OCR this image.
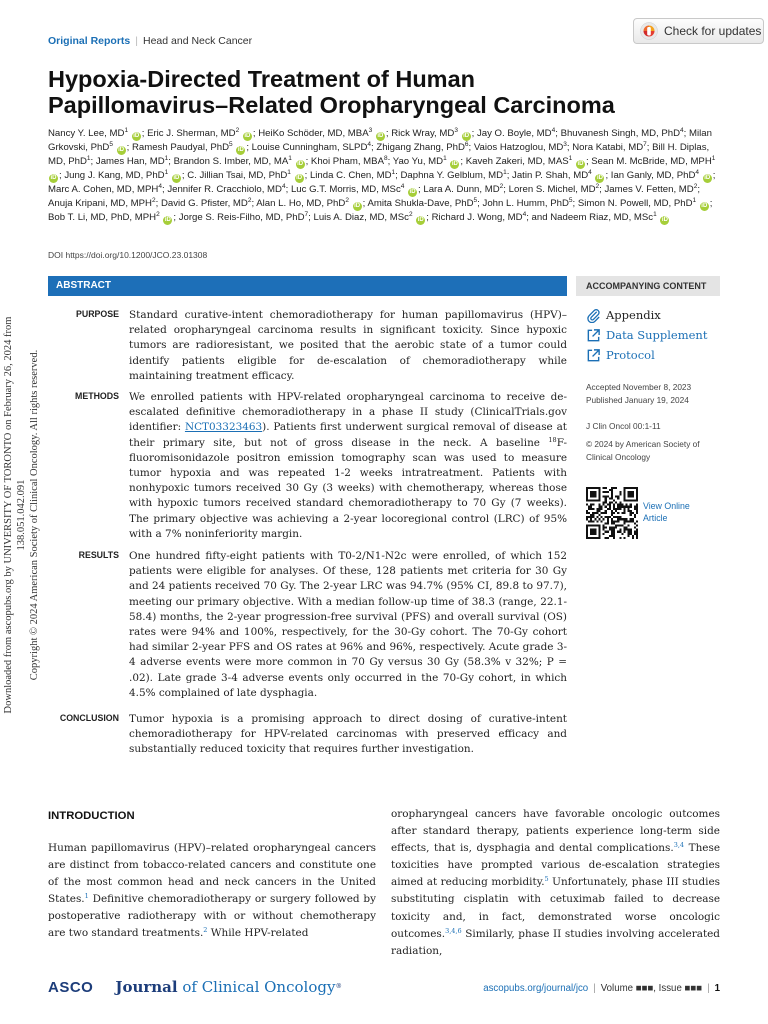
Downloaded from ascopubs.org by UNIVERSITY OF TORONTO on February 26, 2024 from 138.051.042.091 Copyright © 2024 American Society of Clinical Oncology. All rights reserved.
Original Reports | Head and Neck Cancer
Check for updates
Hypoxia-Directed Treatment of Human
Papillomavirus–Related Oropharyngeal Carcinoma
Nancy Y. Lee, $MD^1$ iD ; Eric J. Sherman, $MD^2$ iD ; HeiKo Schöder, MD, MBA$^3$ iD ; Rick Wray, $MD^3$ iD ; Jay O. Boyle, $MD^4$; Bhuvanesh Singh, MD, PhD$^4$; Milan Grkovski, PhD$^5$ iD ; Ramesh Paudyal, PhD$^5$ iD ; Louise Cunningham, SLPD$^4$; Zhigang Zhang, PhD$^6$; Vaios Hatzoglou, $MD^3$; Nora Katabi, $MD^7$; Bill H. Diplas, MD, PhD$^1$; James Han, $MD^1$; Brandon S. Imber, MD, $MA^1$ iD ; Khoi Pham, MBA$^8$; Yao Yu, $MD^1$ iD ; Kaveh Zakeri, MD, MAS$^1$ iD ; Sean M. McBride, MD, MPH$^1$ iD ; Jung J. Kang, MD, PhD$^1$ iD ; C. Jillian Tsai, MD, PhD$^1$ iD ; Linda C. Chen, $MD^1$; Daphna Y. Gelblum, $MD^1$; Jatin P. Shah, $MD^4$ iD ; Ian Ganly, MD, PhD$^4$ iD ; Marc A. Cohen, MD, MPH$^4$; Jennifer R. Cracchiolo, $MD^4$; Luc G.T. Morris, MD, MSc$^4$ iD ; Lara A. Dunn, $MD^2$; Loren S. Michel, $MD^2$; James V. Fetten, $MD^2$; Anuja Kripani, MD, MPH$^2$; David G. Pfister, $MD^2$; Alan L. Ho, MD, PhD$^2$ iD ; Amita Shukla-Dave, PhD$^5$; John L. Humm, PhD$^5$; Simon N. Powell, MD, PhD$^1$ iD ; Bob T. Li, MD, PhD, MPH$^2$ iD ; Jorge S. Reis-Filho, MD, PhD$^7$; Luis A. Diaz, MD, MSc$^2$ iD ; Richard J. Wong, $MD^4$; and Nadeem Riaz, MD, MSc$^1$ iD
DOI https://doi.org/10.1200/JCO.23.01308
ABSTRACT	ACCOMPANYING CONTENT
PURPOSE Standard curative-intent chemoradiotherapy for human papillomavirus (HPV)–related oropharyngeal carcinoma results in significant toxicity. Since hypoxic tumors are radioresistant, we posited that the aerobic state of a tumor could identify patients eligible for de-escalation of chemoradiotherapy while maintaining treatment efficacy.
METHODS We enrolled patients with HPV-related oropharyngeal carcinoma to receive de-escalated definitive chemoradiotherapy in a phase II study (ClinicalTrials.gov identifier: NCT03323463). Patients first underwent surgical removal of disease at their primary site, but not of gross disease in the neck. A baseline $^{18}$F-fluoromisonidazole positron emission tomography scan was used to measure tumor hypoxia and was repeated 1-2 weeks intratreatment. Patients with nonhypoxic tumors received 30 Gy (3 weeks) with chemotherapy, whereas those with hypoxic tumors received standard chemoradiotherapy to 70 Gy (7 weeks). The primary objective was achieving a 2-year locoregional control (LRC) of 95% with a 7% noninferiority margin.
RESULTS One hundred fifty-eight patients with T0-2/N1-N2c were enrolled, of which 152 patients were eligible for analyses. Of these, 128 patients met criteria for 30 Gy and 24 patients received 70 Gy. The 2-year LRC was 94.7% (95% CI, 89.8 to 97.7), meeting our primary objective. With a median follow-up time of 38.3 (range, 22.1-58.4) months, the 2-year progression-free survival (PFS) and overall survival (OS) rates were 94% and 100%, respectively, for the 30-Gy cohort. The 70-Gy cohort had similar 2-year PFS and OS rates at 96% and 96%, respectively. Acute grade 3-4 adverse events were more common in 70 Gy versus 30 Gy (58.3% v 32%; P = .02). Late grade 3-4 adverse events only occurred in the 70-Gy cohort, in which 4.5% complained of late dysphagia.
CONCLUSION Tumor hypoxia is a promising approach to direct dosing of curative-intent chemoradiotherapy for HPV-related carcinomas with preserved efficacy and substantially reduced toxicity that requires further investigation.
Appendix
Data Supplement
Protocol
Accepted November 8, 2023
Published January 19, 2024
J Clin Oncol 00:1-11
© 2024 by American Society of
Clinical Oncology
View Online
Article
INTRODUCTION
Human papillomavirus (HPV)–related oropharyngeal cancers are distinct from tobacco-related cancers and constitute one of the most common head and neck cancers in the United States.$^1$ Definitive chemoradiotherapy or surgery followed by postoperative radiotherapy with or without chemotherapy are two standard treatments.$^2$ While HPV-related
oropharyngeal cancers have favorable oncologic outcomes after standard therapy, patients experience long-term side effects, that is, dysphagia and dental complications.$^{3,4}$ These toxicities have prompted various de-escalation strategies aimed at reducing morbidity.$^5$ Unfortunately, phase III studies substituting cisplatin with cetuximab failed to decrease toxicity and, in fact, demonstrated worse oncologic outcomes.$^{3,4,6}$ Similarly, phase II studies involving accelerated radiation,
ASCO Journal of Clinical Oncology®	ascopubs.org/journal/jco | Volume ■■■, Issue ■■■ | 1
